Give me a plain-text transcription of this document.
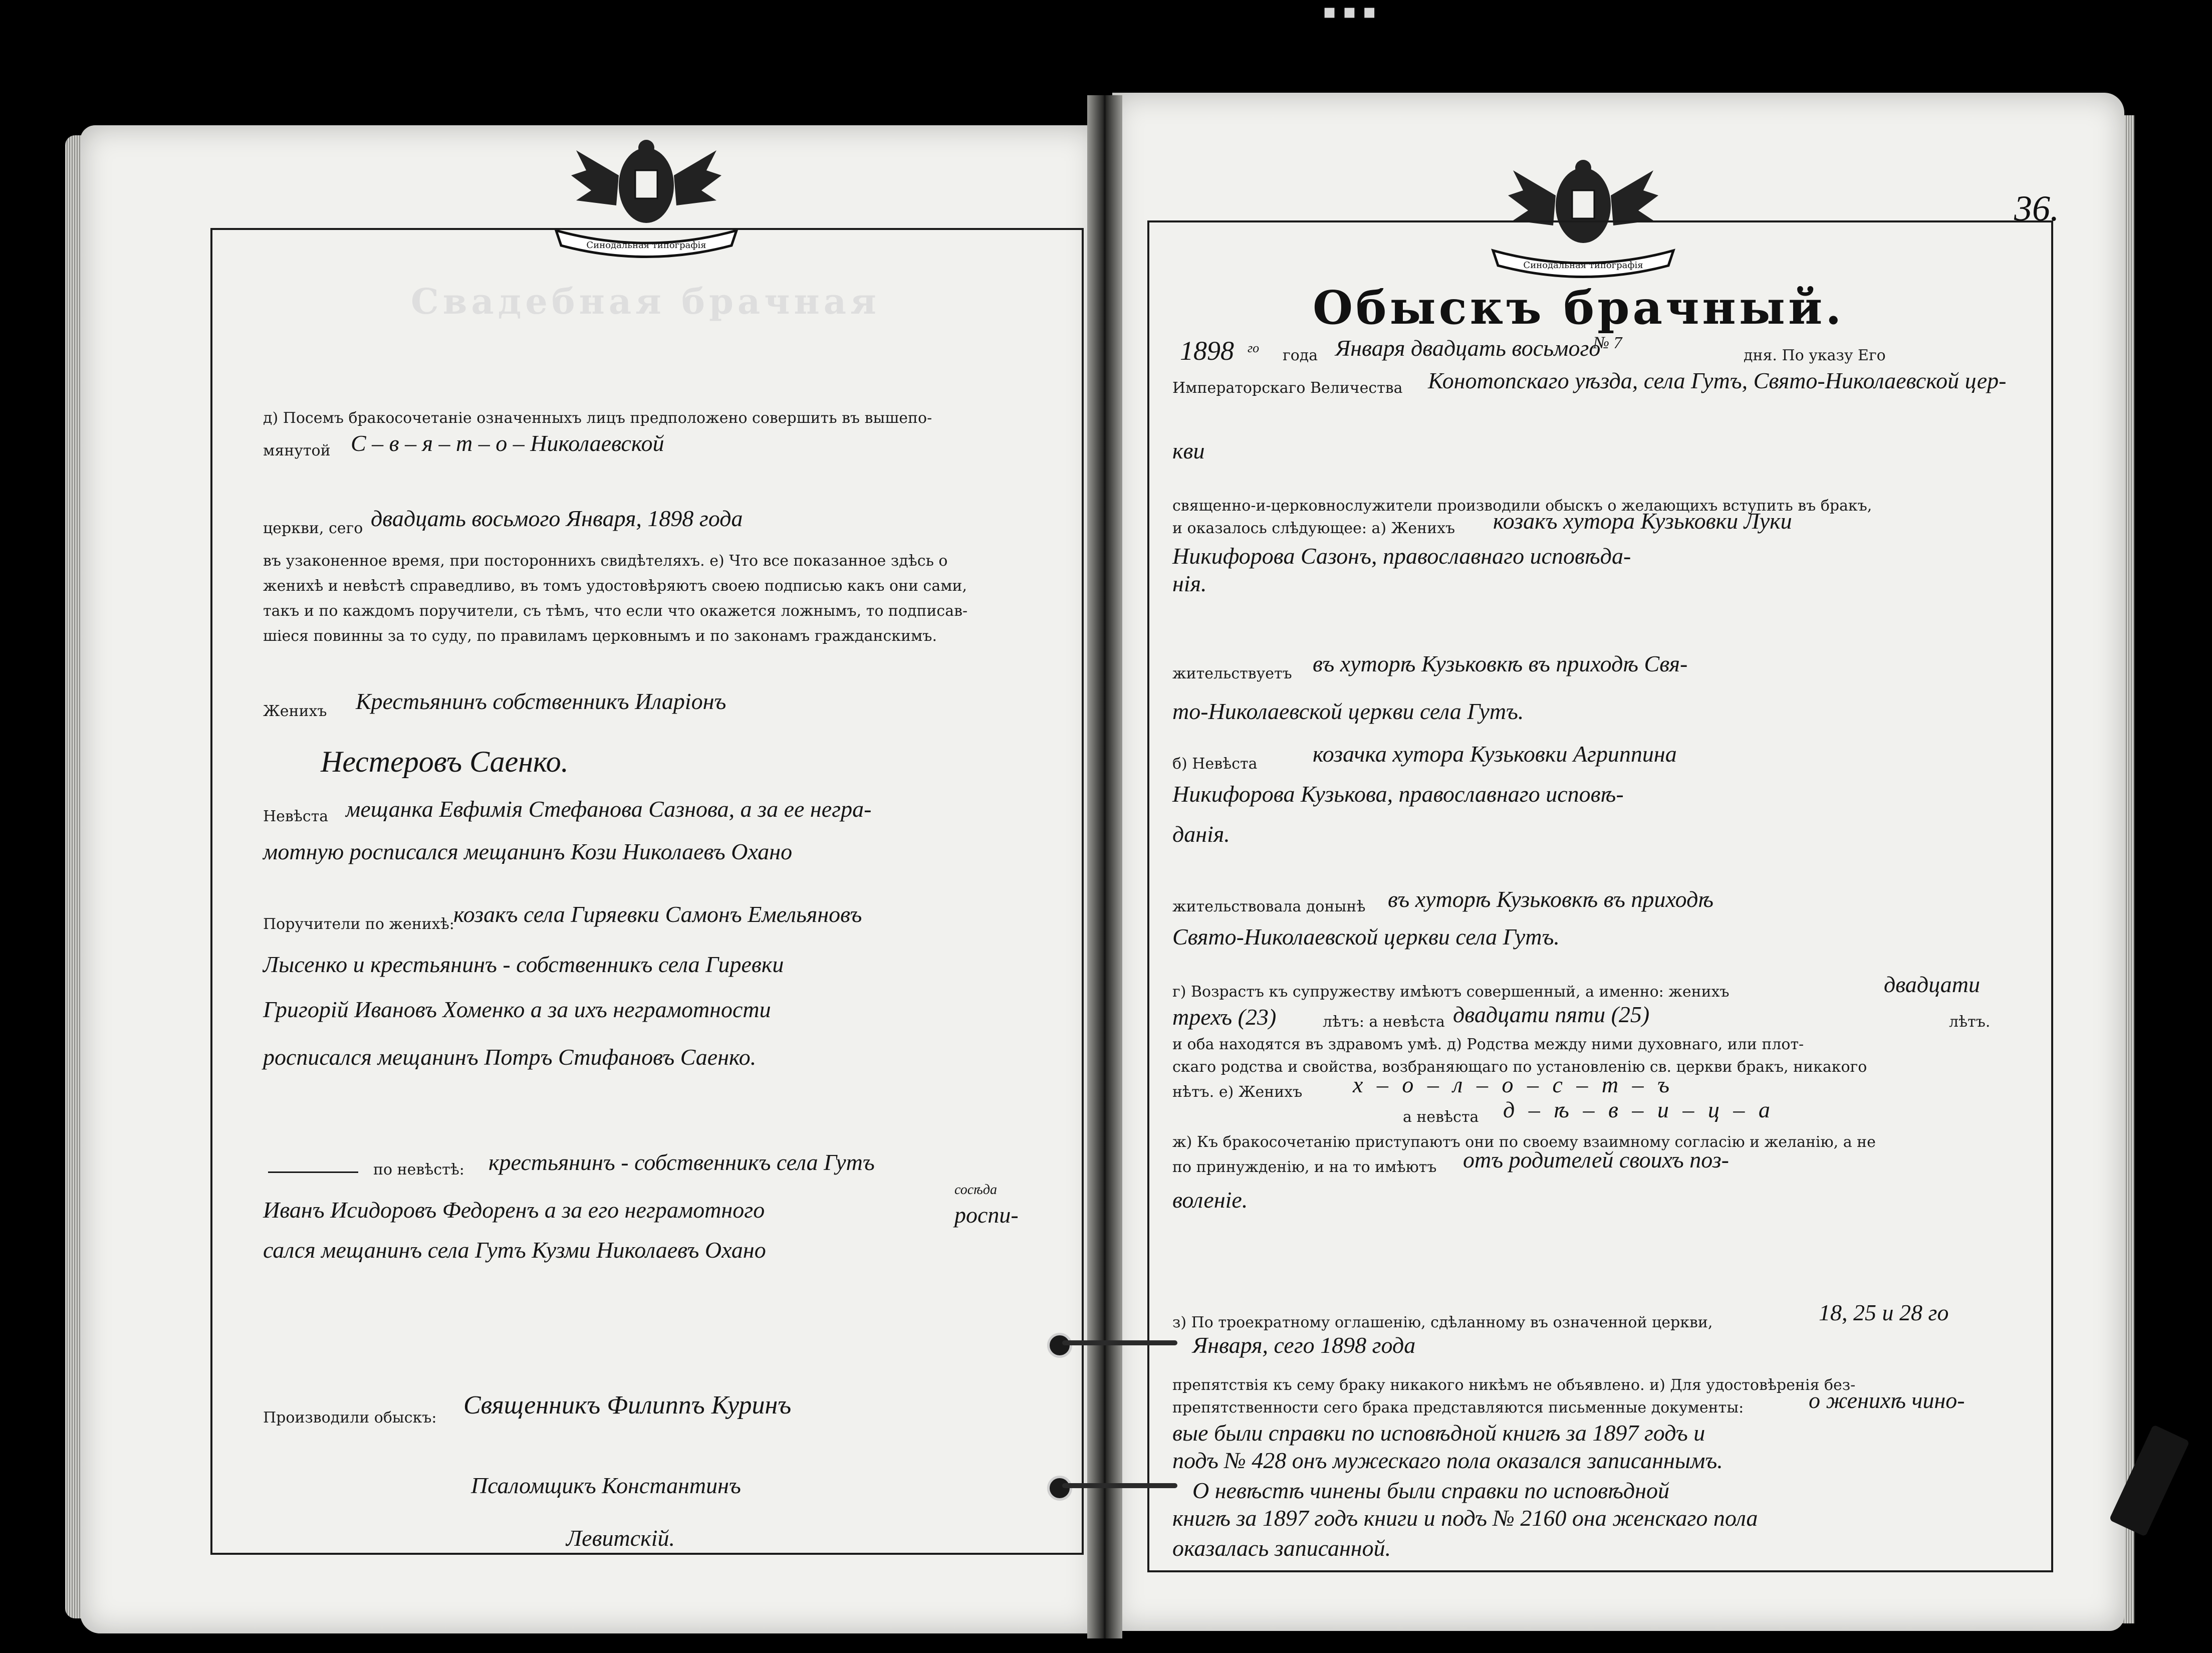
▪ ▪ ▪
Синодальная типографія
Синодальная типографія
36.
Свадебная брачная
д) Посемъ бракосочетаніе означенныхъ лицъ предположено совершить въ вышепо-
мянутой С – в – я – т – о – Николаевской
церкви, сего двадцать восьмого Января, 1898 года
въ узаконенное время, при постороннихъ свидѣтеляхъ. е) Что все показанное здѣсь о
женихѣ и невѣстѣ справедливо, въ томъ удостовѣряютъ своею подписью какъ они сами,
такъ и по каждомъ поручители, съ тѣмъ, что если что окажется ложнымъ, то подписав-
шіеся повинны за то суду, по правиламъ церковнымъ и по законамъ гражданскимъ.
Женихъ Крестьянинъ собственникъ Иларіонъ
Нестеровъ Саенко.
Невѣста мещанка Евфимія Стефанова Сазнова, а за ее негра-
мотную росписался мещанинъ Кози Николаевъ Охано
Поручители по женихѣ:
козакъ села Гиряевки Самонъ Емельяновъ
Лысенко и крестьянинъ - собственникъ села Гиревки
Григорій Ивановъ Хоменко а за ихъ неграмотности
росписался мещанинъ Потръ Стифановъ Саенко.
по невѣстѣ: крестьянинъ - собственникъ села Гутъ
Иванъ Исидоровъ Федоренъ а за его неграмотного
сосѣда
роспи-
сался мещанинъ села Гутъ Кузми Николаевъ Охано
Производили обыскъ: Священникъ Филиппъ Куринъ
Псаломщикъ Константинъ
Левитскій.
Обыскъ брачный.
№ 7
1898 го года Января двадцать восьмого	дня. По указу Его
Императорскаго Величества Конотопскаго уѣзда, села Гутъ, Свято-Николаевской цер-
кви
священно-и-церковнослужители производили обыскъ о желающихъ вступить въ бракъ,
и оказалось слѣдующее: а) Женихъ козакъ хутора Кузьковки Луки
Никифорова Сазонъ, православнаго исповѣда-
нія.
жительствуетъ въ хуторѣ Кузьковкѣ въ приходѣ Свя-
то-Николаевской церкви села Гутъ.
б) Невѣста козачка хутора Кузьковки Агриппина
Никифорова Кузькова, православнаго исповѣ-
данія.
жительствовала донынѣ въ хуторѣ Кузьковкѣ въ приходѣ
Свято-Николаевской церкви села Гутъ.
г) Возрастъ къ супружеству имѣютъ совершенный, а именно: женихъ	двадцати
трехъ (23)	лѣтъ: а невѣста двадцати пяти (25)	лѣтъ.
и оба находятся въ здравомъ умѣ. д) Родства между ними духовнаго, или плот-
скаго родства и свойства, возбраняющаго по установленію св. церкви бракъ, никакого
нѣтъ. е) Женихъ х – о – л – о – с – т – ъ
а невѣста д – ѣ – в – и – ц – а
ж) Къ бракосочетанію приступаютъ они по своему взаимному согласію и желанію, а не
по принужденію, и на то имѣютъ отъ родителей своихъ поз-
воленіе.
з) По троекратному оглашенію, сдѣланному въ означенной церкви,	18, 25 и 28 го
Января, сего 1898 года
препятствія къ сему браку никакого никѣмъ не объявлено. и) Для удостовѣренія без-
препятственности сего брака представляются письменные документы:	о женихѣ чино-
вые были справки по исповѣдной книгѣ за 1897 годъ и
подъ № 428 онъ мужескаго пола оказался записаннымъ.
О невѣстѣ чинены были справки по исповѣдной
книгѣ за 1897 годъ книги и подъ № 2160 она женскаго пола
оказалась записанной.
